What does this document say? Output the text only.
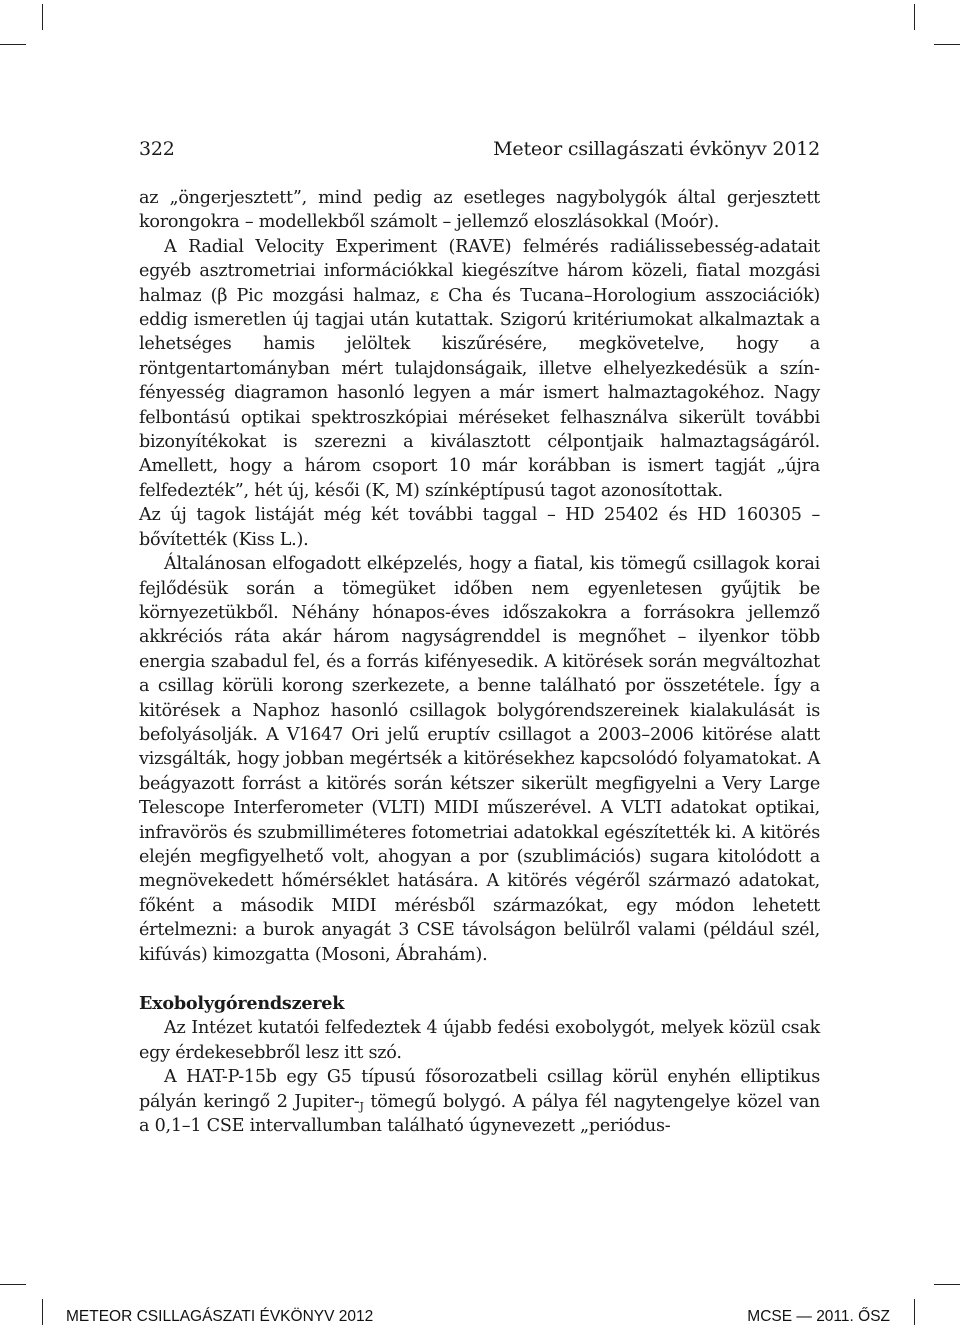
322	Meteor csillagászati évkönyv 2012

az „öngerjesztett”, mind pedig az esetleges nagybolygók által gerjesztett korongokra – modellekből számolt – jellemző eloszlásokkal (Moór).

A Radial Velocity Experiment (RAVE) felmérés radiálissebesség-adatait egyéb asztrometriai információkkal kiegészítve három közeli, fiatal mozgási halmaz (β Pic mozgási halmaz, ε Cha és Tucana–Horologium asszociációk) eddig ismeretlen új tagjai után kutattak. Szigorú kritériumokat alkalmaztak a lehetséges hamis jelöltek kiszűrésére, megkövetelve, hogy a röntgentartományban mért tulajdonságaik, illetve elhelyezkedésük a színfényesség diagramon hasonló legyen a már ismert halmaztagokéhoz. Nagy felbontású optikai spektroszkópiai méréseket felhasználva sikerült további bizonyítékokat is szerezni a kiválasztott célpontjaik halmaztagságáról. Amellett, hogy a három csoport 10 már korábban is ismert tagját „újra felfedezték”, hét új, késői (K, M) színképtípusú tagot azonosítottak.

Az új tagok listáját még két további taggal – HD 25402 és HD 160305 – bővítették (Kiss L.).

Általánosan elfogadott elképzelés, hogy a fiatal, kis tömegű csillagok korai fejlődésük során a tömegüket időben nem egyenletesen gyűjtik be környezetükből. Néhány hónapos-éves időszakokra a forrásokra jellemző akkréciós ráta akár három nagyságrenddel is megnőhet – ilyenkor több energia szabadul fel, és a forrás kifényesedik. A kitörések során megváltozhat a csillag körüli korong szerkezete, a benne található por összetétele. Így a kitörések a Naphoz hasonló csillagok bolygórendszereinek kialakulását is befolyásolják. A V1647 Ori jelű eruptív csillagot a 2003–2006 kitörése alatt vizsgálták, hogy jobban megértsék a kitörésekhez kapcsolódó folyamatokat. A beágyazott forrást a kitörés során kétszer sikerült megfigyelni a Very Large Telescope Interferometer (VLTI) MIDI műszerével. A VLTI adatokat optikai, infravörös és szubmilliméteres fotometriai adatokkal egészítették ki. A kitörés elején megfigyelhető volt, ahogyan a por (szublimációs) sugara kitolódott a megnövekedett hőmérséklet hatására. A kitörés végéről származó adatokat, főként a második MIDI mérésből származókat, egy módon lehetett értelmezni: a burok anyagát 3 CSE távolságon belülről valami (például szél, kifúvás) kimozgatta (Mosoni, Ábrahám).

Exobolygórendszerek

Az Intézet kutatói felfedeztek 4 újabb fedési exobolygót, melyek közül csak egy érdekesebbről lesz itt szó.

A HAT-P-15b egy G5 típusú fősorozatbeli csillag körül enyhén elliptikus pályán keringő 2 Jupiter-$_J$ tömegű bolygó. A pálya fél nagytengelye közel van a 0,1–1 CSE intervallumban található úgynevezett „periódus-

METEOR CSILLAGÁSZATI ÉVKÖNYV 2012	MCSE — 2011. ŐSZ
